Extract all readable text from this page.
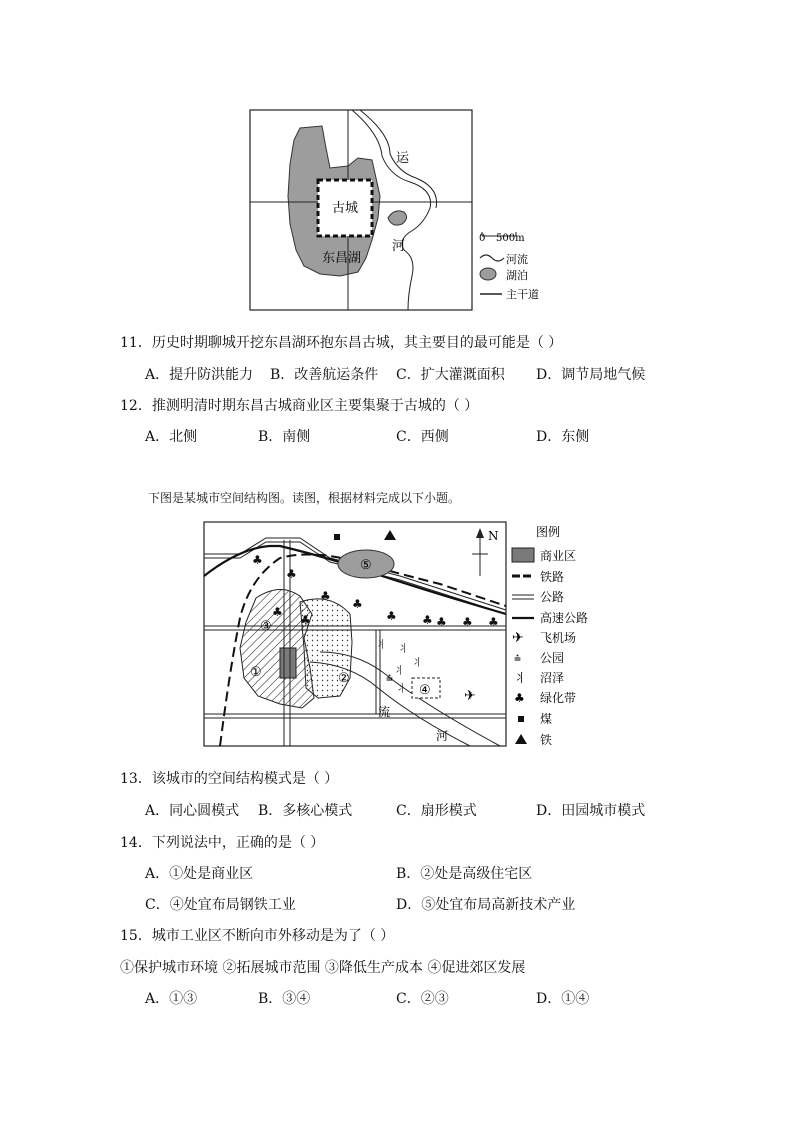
古城
东昌湖
运
河
0 500m
河流
湖泊
主干道
11．历史时期聊城开挖东昌湖环抱东昌古城，其主要目的最可能是（ ）
A．提升防洪能力 B．改善航运条件 C．扩大灌溉面积 D．调节局地气候
12．推测明清时期东昌古城商业区主要集聚于古城的（ ）
A．北侧	B．南侧	C．西侧	D．东侧
下图是某城市空间结构图。读图，根据材料完成以下小题。
⑤
④
②
③
①
流
河
⩮
⺦ ⺦
⺦
⺦
⺦	✈
♣
♣
♣
♣
♣ ♣ ♣ ♣ ♣
♣
♣
N	图例
商业区
铁路
公路
高速公路
✈ 飞机场
⩮ 公园
⺦ 沼泽
♣ 绿化带
煤
铁
13．该城市的空间结构模式是（ ）
A．同心圆模式 B．多核心模式	C．扇形模式	D．田园城市模式
14．下列说法中，正确的是（ ）
A．①处是商业区	B．②处是高级住宅区
C．④处宜布局钢铁工业	D．⑤处宜布局高新技术产业
15．城市工业区不断向市外移动是为了（ ）
①保护城市环境 ②拓展城市范围 ③降低生产成本 ④促进郊区发展
A．①③	B．③④	C．②③	D．①④
